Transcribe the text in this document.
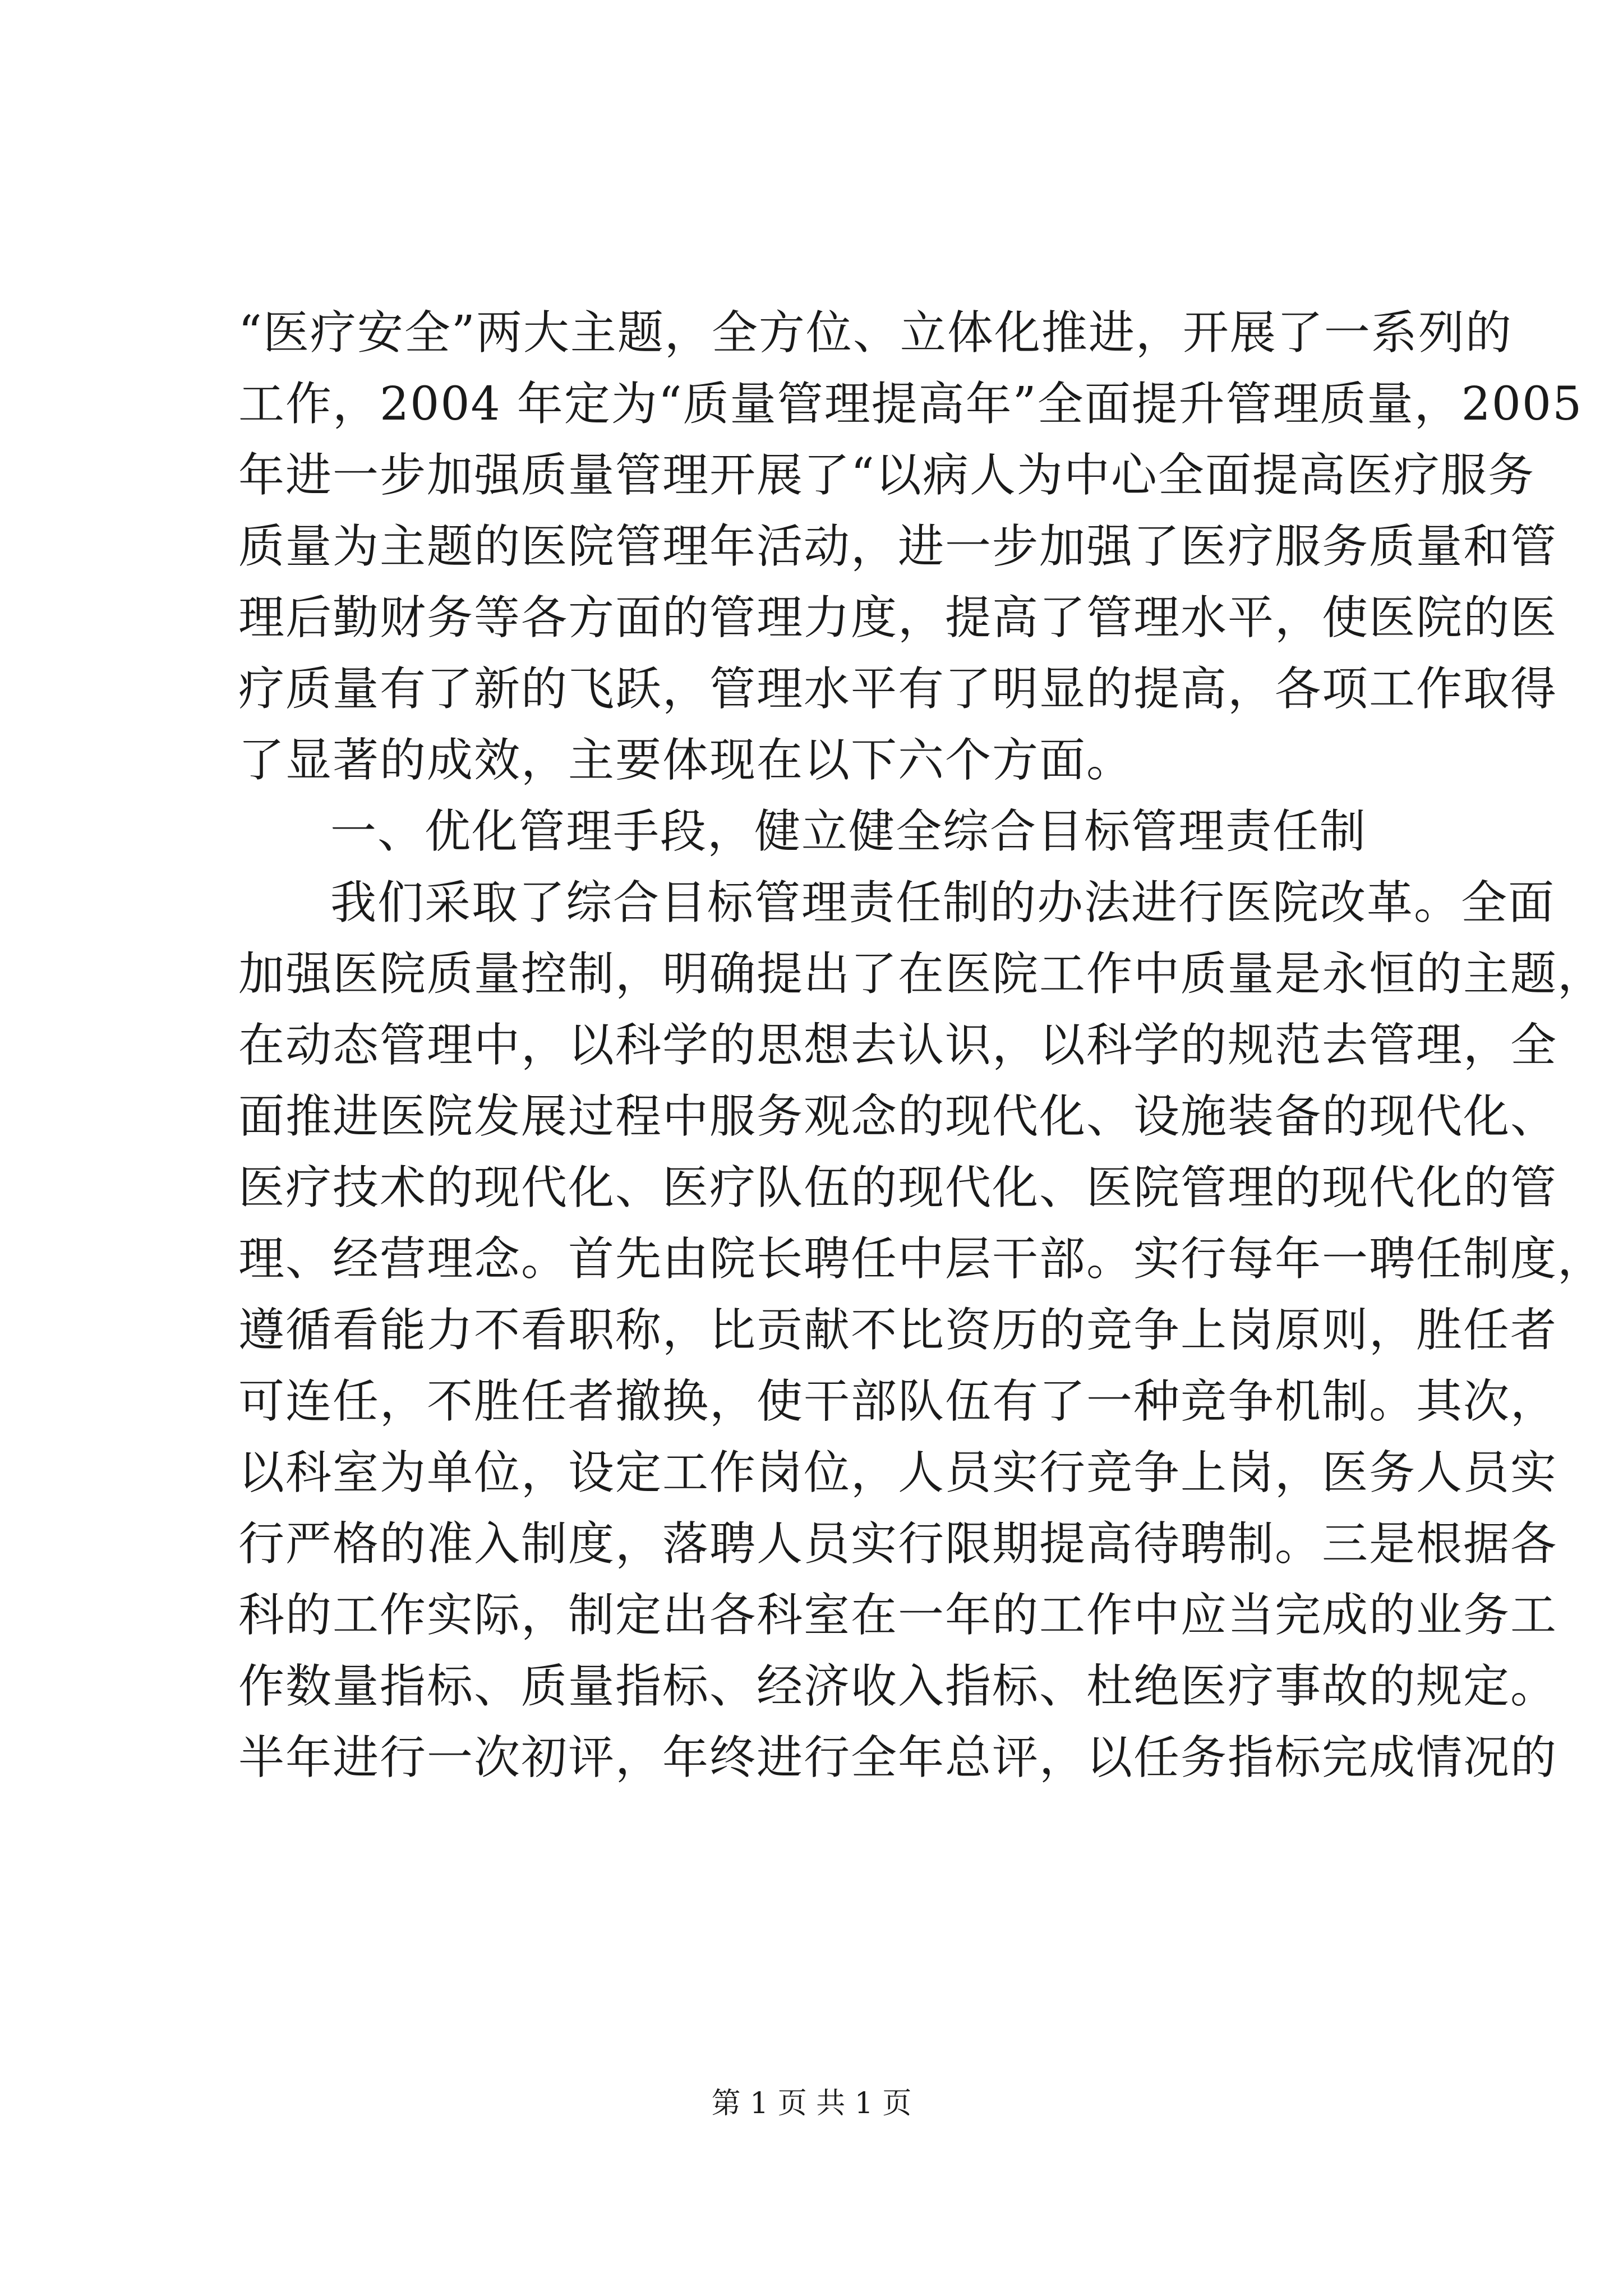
“医疗安全”两大主题，全方位、立体化推进，开展了一系列的
工作，2004 年定为“质量管理提高年”全面提升管理质量，2005
年进一步加强质量管理开展了“以病人为中心全面提高医疗服务
质量为主题的医院管理年活动，进一步加强了医疗服务质量和管
理后勤财务等各方面的管理力度，提高了管理水平，使医院的医
疗质量有了新的飞跃，管理水平有了明显的提高，各项工作取得
了显著的成效，主要体现在以下六个方面。
一、优化管理手段，健立健全综合目标管理责任制
我们采取了综合目标管理责任制的办法进行医院改革。全面
加强医院质量控制，明确提出了在医院工作中质量是永恒的主题，
在动态管理中，以科学的思想去认识，以科学的规范去管理，全
面推进医院发展过程中服务观念的现代化、设施装备的现代化、
医疗技术的现代化、医疗队伍的现代化、医院管理的现代化的管
理、经营理念。首先由院长聘任中层干部。实行每年一聘任制度，
遵循看能力不看职称，比贡献不比资历的竞争上岗原则，胜任者
可连任，不胜任者撤换，使干部队伍有了一种竞争机制。其次，
以科室为单位，设定工作岗位，人员实行竞争上岗，医务人员实
行严格的准入制度，落聘人员实行限期提高待聘制。三是根据各
科的工作实际，制定出各科室在一年的工作中应当完成的业务工
作数量指标、质量指标、经济收入指标、杜绝医疗事故的规定。
半年进行一次初评，年终进行全年总评，以任务指标完成情况的
第 1 页 共 1 页
